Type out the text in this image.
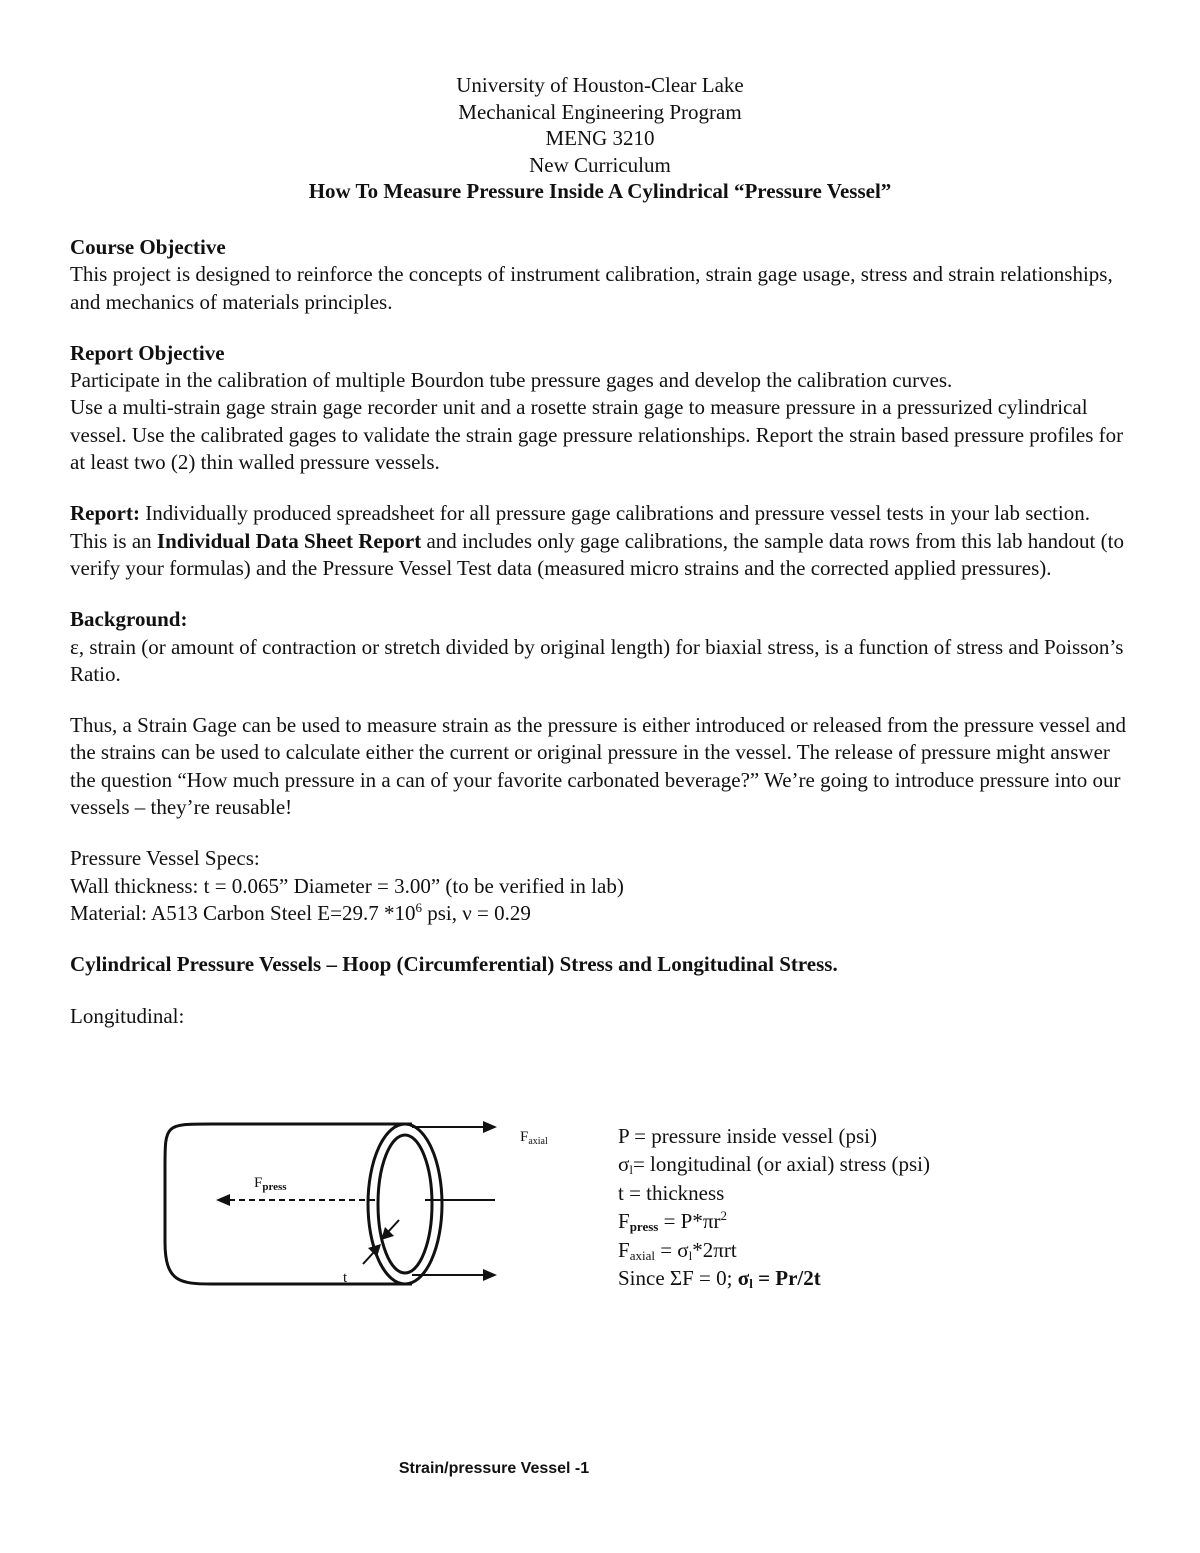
University of Houston-Clear Lake
Mechanical Engineering Program
MENG 3210
New Curriculum
How To Measure Pressure Inside A Cylindrical “Pressure Vessel”

Course Objective

This project is designed to reinforce the concepts of instrument calibration, strain gage usage, stress and strain relationships, and mechanics of materials principles.

Report Objective

Participate in the calibration of multiple Bourdon tube pressure gages and develop the calibration curves.

Use a multi-strain gage strain gage recorder unit and a rosette strain gage to measure pressure in a pressurized cylindrical vessel. Use the calibrated gages to validate the strain gage pressure relationships. Report the strain based pressure profiles for at least two (2) thin walled pressure vessels.

Report: Individually produced spreadsheet for all pressure gage calibrations and pressure vessel tests in your lab section. This is an Individual Data Sheet Report and includes only gage calibrations, the sample data rows from this lab handout (to verify your formulas) and the Pressure Vessel Test data (measured micro strains and the corrected applied pressures).

Background:

ε, strain (or amount of contraction or stretch divided by original length) for biaxial stress, is a function of stress and Poisson’s Ratio.

Thus, a Strain Gage can be used to measure strain as the pressure is either introduced or released from the pressure vessel and the strains can be used to calculate either the current or original pressure in the vessel. The release of pressure might answer the question “How much pressure in a can of your favorite carbonated beverage?” We’re going to introduce pressure into our vessels – they’re reusable!

Pressure Vessel Specs:

Wall thickness: t = 0.065” Diameter = 3.00” (to be verified in lab)

Material: A513 Carbon Steel E=29.7 $*10^6$ psi, ν = 0.29

Cylindrical Pressure Vessels – Hoop (Circumferential) Stress and Longitudinal Stress.

Longitudinal:

$F_{press}$
$F_{axial}$
t
P = pressure inside vessel (psi)
$\sigma_l=$ longitudinal (or axial) stress (psi)
t = thickness
$F_{press} = P*\pi r^2$
$F_{axial} = \sigma_l*2\pi rt$
Since ΣF = 0; $\sigma_l = Pr/2t$
Strain/pressure Vessel -1
